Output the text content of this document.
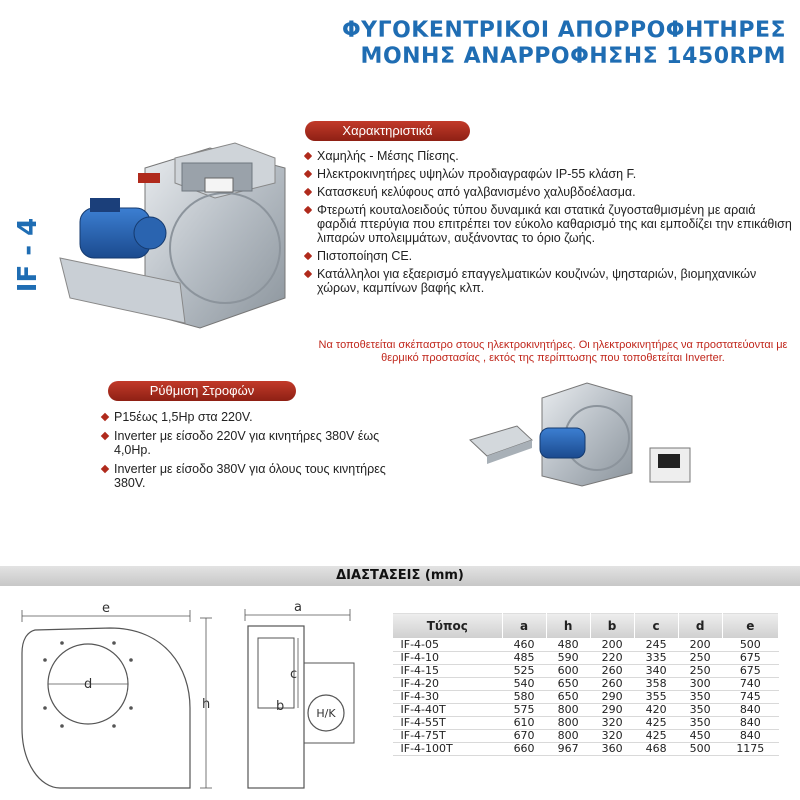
ΦΥΓΟΚΕΝΤΡΙΚΟΙ ΑΠΟΡΡΟΦΗΤΗΡΕΣ
ΜΟΝΗΣ ΑΝΑΡΡΟΦΗΣΗΣ 1450RPM
IF - 4
Χαρακτηριστικά
Χαμηλής - Μέσης Πίεσης.
Ηλεκτροκινητήρες υψηλών προδιαγραφών IP-55 κλάση F.
Κατασκευή κελύφους από γαλβανισμένο χαλυβδοέλασμα.
Φτερωτή κουταλοειδούς τύπου δυναμικά και στατικά ζυγοσταθμισμένη με αραιά φαρδιά πτερύγια που επιτρέπει τον εύκολο καθαρισμό της και εμποδίζει την επικάθιση λιπαρών υπολειμμάτων, αυξάνοντας το όριο ζωής.
Πιστοποίηση CE.
Κατάλληλοι για εξαερισμό επαγγελματικών κουζινών, ψησταριών, βιομηχανικών χώρων, καμπίνων βαφής κλπ.
Να τοποθετείται σκέπαστρο στους ηλεκτροκινητήρες. Οι ηλεκτροκινητήρες να προστατεύονται με θερμικό προστασίας , εκτός της περίπτωσης που τοποθετείται Inverter.
Ρύθμιση Στροφών
P15έως 1,5Hp στα 220V.
Inverter με είσοδο 220V για κινητήρες 380V έως 4,0Hp.
Inverter με είσοδο 380V για όλους τους κινητήρες 380V.
ΔΙΑΣΤΑΣΕΙΣ (mm)
e
d
h
a
c
b	H/K
Τύπος	a	h	b	c	d	e
IF-4-05	460	480	200	245	200	500
IF-4-10	485	590	220	335	250	675
IF-4-15	525	600	260	340	250	675
IF-4-20	540	650	260	358	300	740
IF-4-30	580	650	290	355	350	745
IF-4-40T	575	800	290	420	350	840
IF-4-55T	610	800	320	425	350	840
IF-4-75T	670	800	320	425	450	840
IF-4-100T	660	967	360	468	500	1175
